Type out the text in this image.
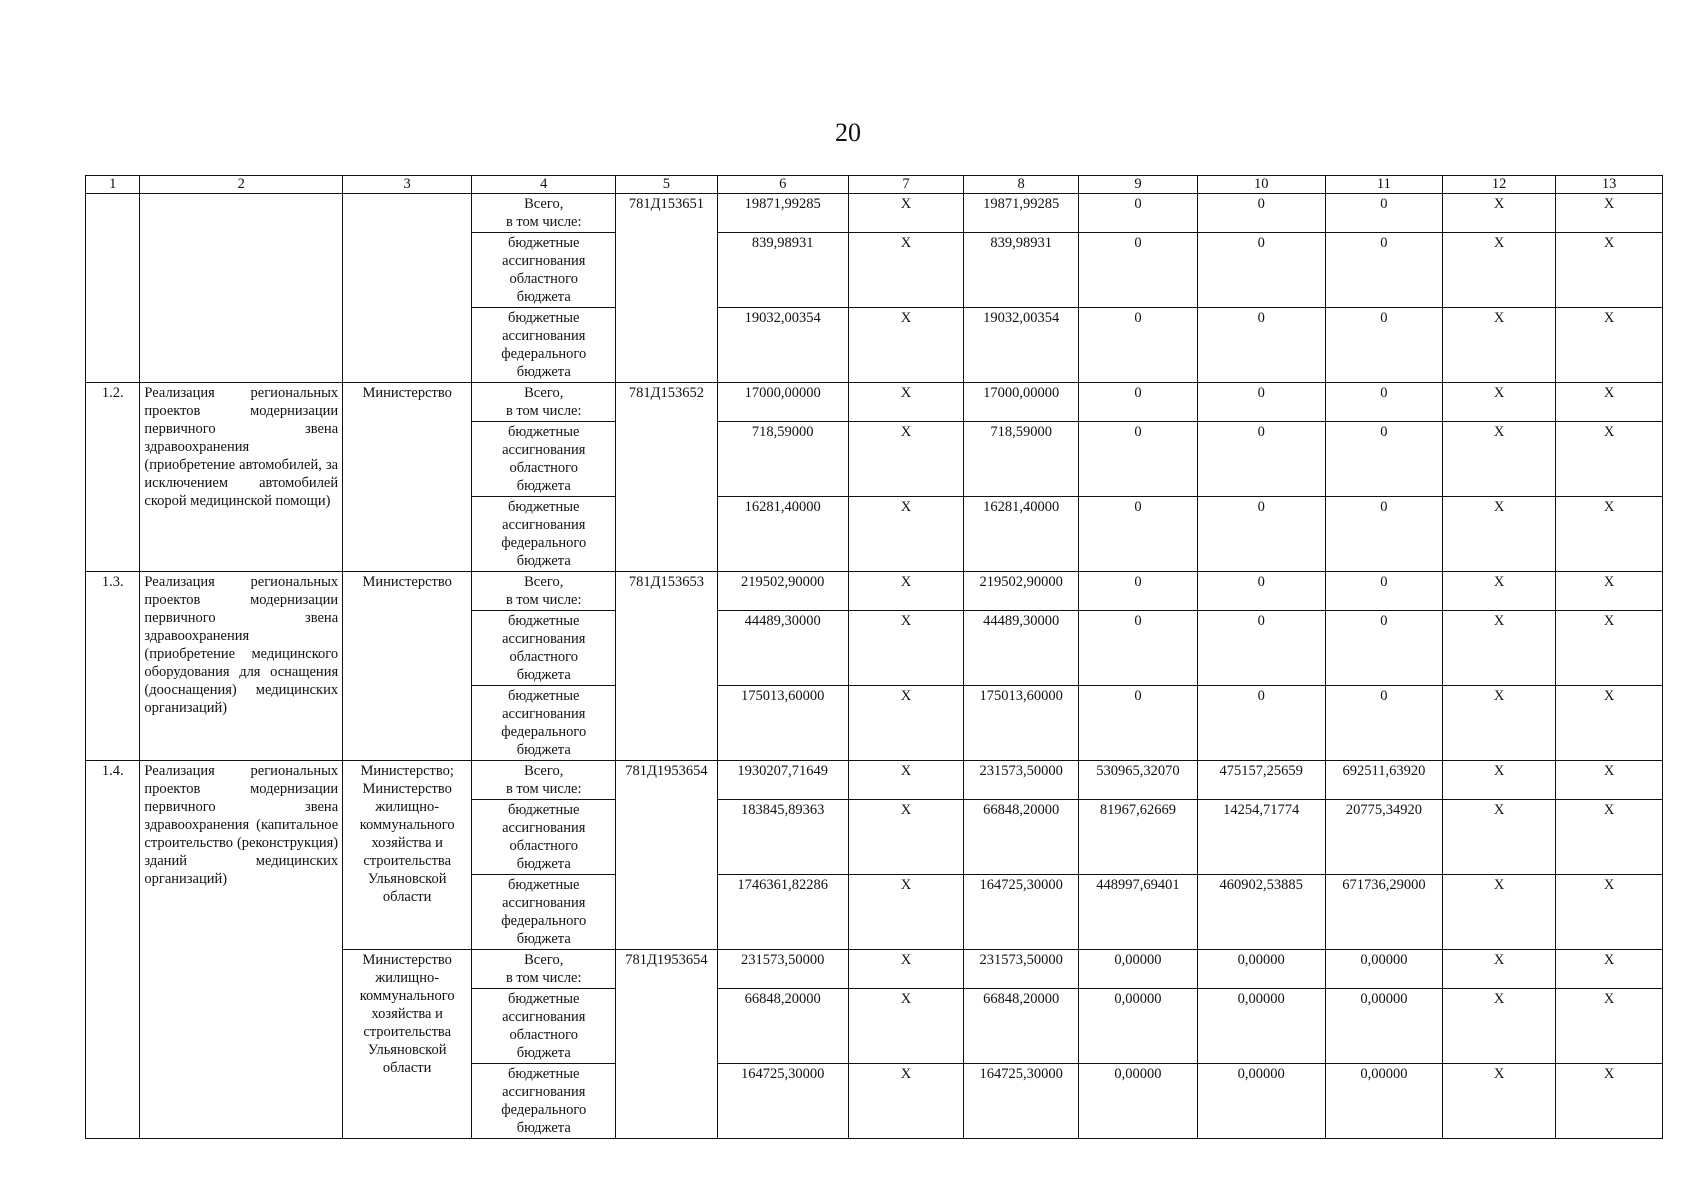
20
1	2	3	4	5	6	7	8	9	10	11	12	13
			Всего,
в том числе:	781Д153651	19871,99285	X	19871,99285	0	0	0	X	X
			бюджетные
ассигнования
областного
бюджета		839,98931	X	839,98931	0	0	0	X	X
			бюджетные
ассигнования
федерального
бюджета		19032,00354	X	19032,00354	0	0	0	X	X
1.2.	Реализация региональных проектов модернизации первичного звена здравоохранения (приобретение автомобилей, за исключением автомобилей скорой медицинской помощи)	Министерство	Всего,
в том числе:	781Д153652	17000,00000	X	17000,00000	0	0	0	X	X
			бюджетные
ассигнования
областного
бюджета		718,59000	X	718,59000	0	0	0	X	X
			бюджетные
ассигнования
федерального
бюджета		16281,40000	X	16281,40000	0	0	0	X	X
1.3.	Реализация региональных проектов модернизации первичного звена здравоохранения (приобретение медицинского оборудования для оснащения (дооснащения) медицинских организаций)	Министерство	Всего,
в том числе:	781Д153653	219502,90000	X	219502,90000	0	0	0	X	X
			бюджетные
ассигнования
областного
бюджета		44489,30000	X	44489,30000	0	0	0	X	X
			бюджетные
ассигнования
федерального
бюджета		175013,60000	X	175013,60000	0	0	0	X	X
1.4.	Реализация региональных проектов модернизации первичного звена здравоохранения (капитальное строительство (реконструкция) зданий медицинских организаций)	Министерство; Министерство жилищно-коммунального хозяйства и строительства Ульяновской области	Всего,
в том числе:	781Д1953654	1930207,71649	X	231573,50000	530965,32070	475157,25659	692511,63920	X	X
			бюджетные
ассигнования
областного
бюджета		183845,89363	X	66848,20000	81967,62669	14254,71774	20775,34920	X	X
			бюджетные
ассигнования
федерального
бюджета		1746361,82286	X	164725,30000	448997,69401	460902,53885	671736,29000	X	X
		Министерство жилищно-коммунального хозяйства и строительства Ульяновской области	Всего,
в том числе:	781Д1953654	231573,50000	X	231573,50000	0,00000	0,00000	0,00000	X	X
			бюджетные
ассигнования
областного
бюджета		66848,20000	X	66848,20000	0,00000	0,00000	0,00000	X	X
			бюджетные
ассигнования
федерального
бюджета		164725,30000	X	164725,30000	0,00000	0,00000	0,00000	X	X
